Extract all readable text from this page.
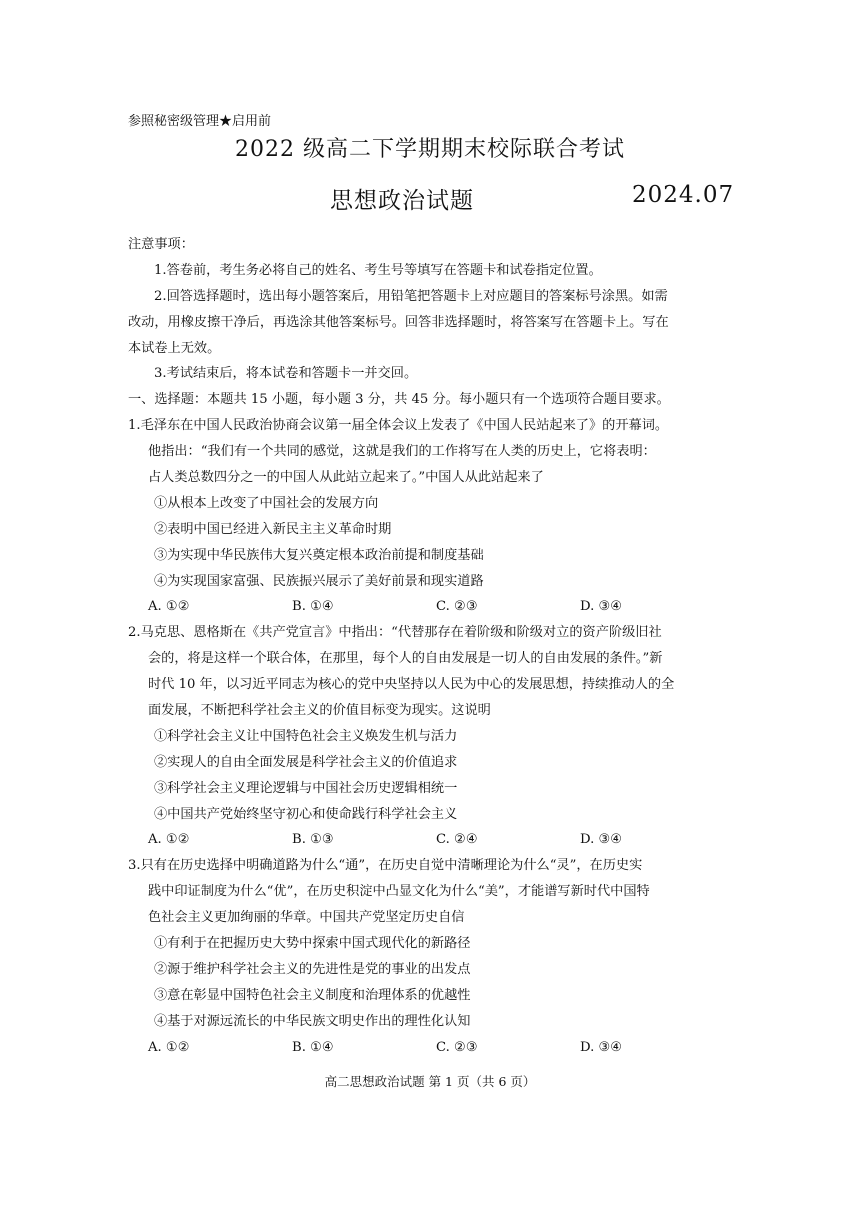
参照秘密级管理★启用前
2022 级高二下学期期末校际联合考试
思想政治试题	2024.07
注意事项：
1.答卷前，考生务必将自己的姓名、考生号等填写在答题卡和试卷指定位置。
2.回答选择题时，选出每小题答案后，用铅笔把答题卡上对应题目的答案标号涂黑。如需
改动，用橡皮擦干净后，再选涂其他答案标号。回答非选择题时，将答案写在答题卡上。写在
本试卷上无效。
3.考试结束后，将本试卷和答题卡一并交回。
一、选择题：本题共 15 小题，每小题 3 分，共 45 分。每小题只有一个选项符合题目要求。
1.毛泽东在中国人民政治协商会议第一届全体会议上发表了《中国人民站起来了》的开幕词。
他指出：“我们有一个共同的感觉，这就是我们的工作将写在人类的历史上，它将表明：
占人类总数四分之一的中国人从此站立起来了。”中国人从此站起来了
①从根本上改变了中国社会的发展方向
②表明中国已经进入新民主主义革命时期
③为实现中华民族伟大复兴奠定根本政治前提和制度基础
④为实现国家富强、民族振兴展示了美好前景和现实道路
A. ①②	B. ①④	C. ②③	D. ③④
2.马克思、恩格斯在《共产党宣言》中指出：“代替那存在着阶级和阶级对立的资产阶级旧社
会的，将是这样一个联合体，在那里，每个人的自由发展是一切人的自由发展的条件。”新
时代 10 年，以习近平同志为核心的党中央坚持以人民为中心的发展思想，持续推动人的全
面发展，不断把科学社会主义的价值目标变为现实。这说明
①科学社会主义让中国特色社会主义焕发生机与活力
②实现人的自由全面发展是科学社会主义的价值追求
③科学社会主义理论逻辑与中国社会历史逻辑相统一
④中国共产党始终坚守初心和使命践行科学社会主义
A. ①②	B. ①③	C. ②④	D. ③④
3.只有在历史选择中明确道路为什么“通”，在历史自觉中清晰理论为什么“灵”，在历史实
践中印证制度为什么“优”，在历史积淀中凸显文化为什么“美”，才能谱写新时代中国特
色社会主义更加绚丽的华章。中国共产党坚定历史自信
①有利于在把握历史大势中探索中国式现代化的新路径
②源于维护科学社会主义的先进性是党的事业的出发点
③意在彰显中国特色社会主义制度和治理体系的优越性
④基于对源远流长的中华民族文明史作出的理性化认知
A. ①②	B. ①④	C. ②③	D. ③④
高二思想政治试题 第 1 页（共 6 页）
